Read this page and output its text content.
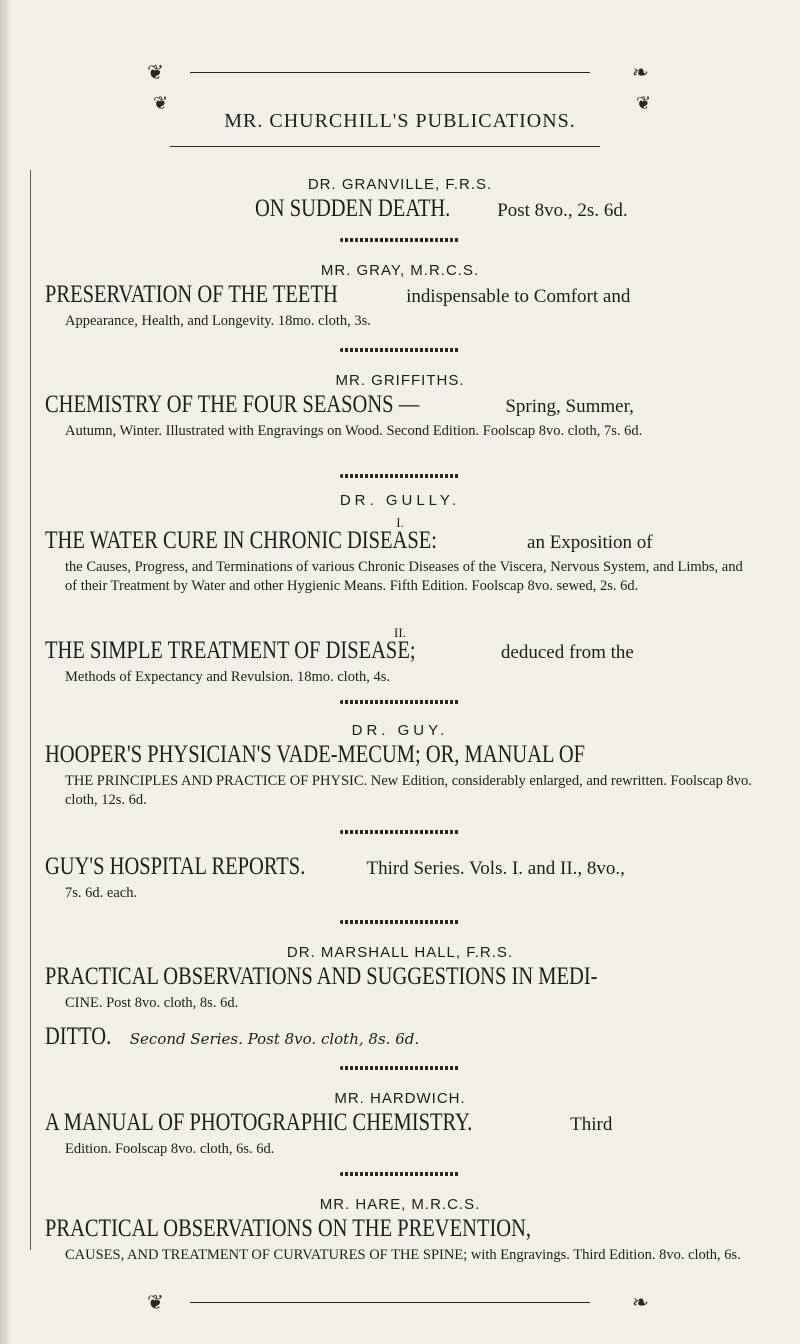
❦	❧
MR. CHURCHILL'S PUBLICATIONS.
❦	❦
DR. GRANVILLE, F.R.S.
ON SUDDEN DEATH. Post 8vo., 2s. 6d.
MR. GRAY, M.R.C.S.
PRESERVATION OF THE TEETH	indispensable to Comfort and
Appearance, Health, and Longevity. 18mo. cloth, 3s.
MR. GRIFFITHS.
CHEMISTRY OF THE FOUR SEASONS —	Spring, Summer,
Autumn, Winter. Illustrated with Engravings on Wood. Second Edition. Foolscap 8vo. cloth, 7s. 6d.
DR. GULLY.
I.
THE WATER CURE IN CHRONIC DISEASE:	an Exposition of
the Causes, Progress, and Terminations of various Chronic Diseases of the Viscera, Nervous System, and Limbs, and of their Treatment by Water and other Hygienic Means. Fifth Edition. Foolscap 8vo. sewed, 2s. 6d.
II.
THE SIMPLE TREATMENT OF DISEASE;	deduced from the
Methods of Expectancy and Revulsion. 18mo. cloth, 4s.
DR. GUY.
HOOPER'S PHYSICIAN'S VADE-MECUM; OR, MANUAL OF
THE PRINCIPLES AND PRACTICE OF PHYSIC. New Edition, considerably enlarged, and rewritten. Foolscap 8vo. cloth, 12s. 6d.
GUY'S HOSPITAL REPORTS.	Third Series. Vols. I. and II., 8vo.,
7s. 6d. each.
DR. MARSHALL HALL, F.R.S.
PRACTICAL OBSERVATIONS AND SUGGESTIONS IN MEDI-
CINE. Post 8vo. cloth, 8s. 6d.
DITTO. Second Series. Post 8vo. cloth, 8s. 6d.
MR. HARDWICH.
A MANUAL OF PHOTOGRAPHIC CHEMISTRY.	Third
Edition. Foolscap 8vo. cloth, 6s. 6d.
MR. HARE, M.R.C.S.
PRACTICAL OBSERVATIONS ON THE PREVENTION,
CAUSES, AND TREATMENT OF CURVATURES OF THE SPINE; with Engravings. Third Edition. 8vo. cloth, 6s.
❦	❧
